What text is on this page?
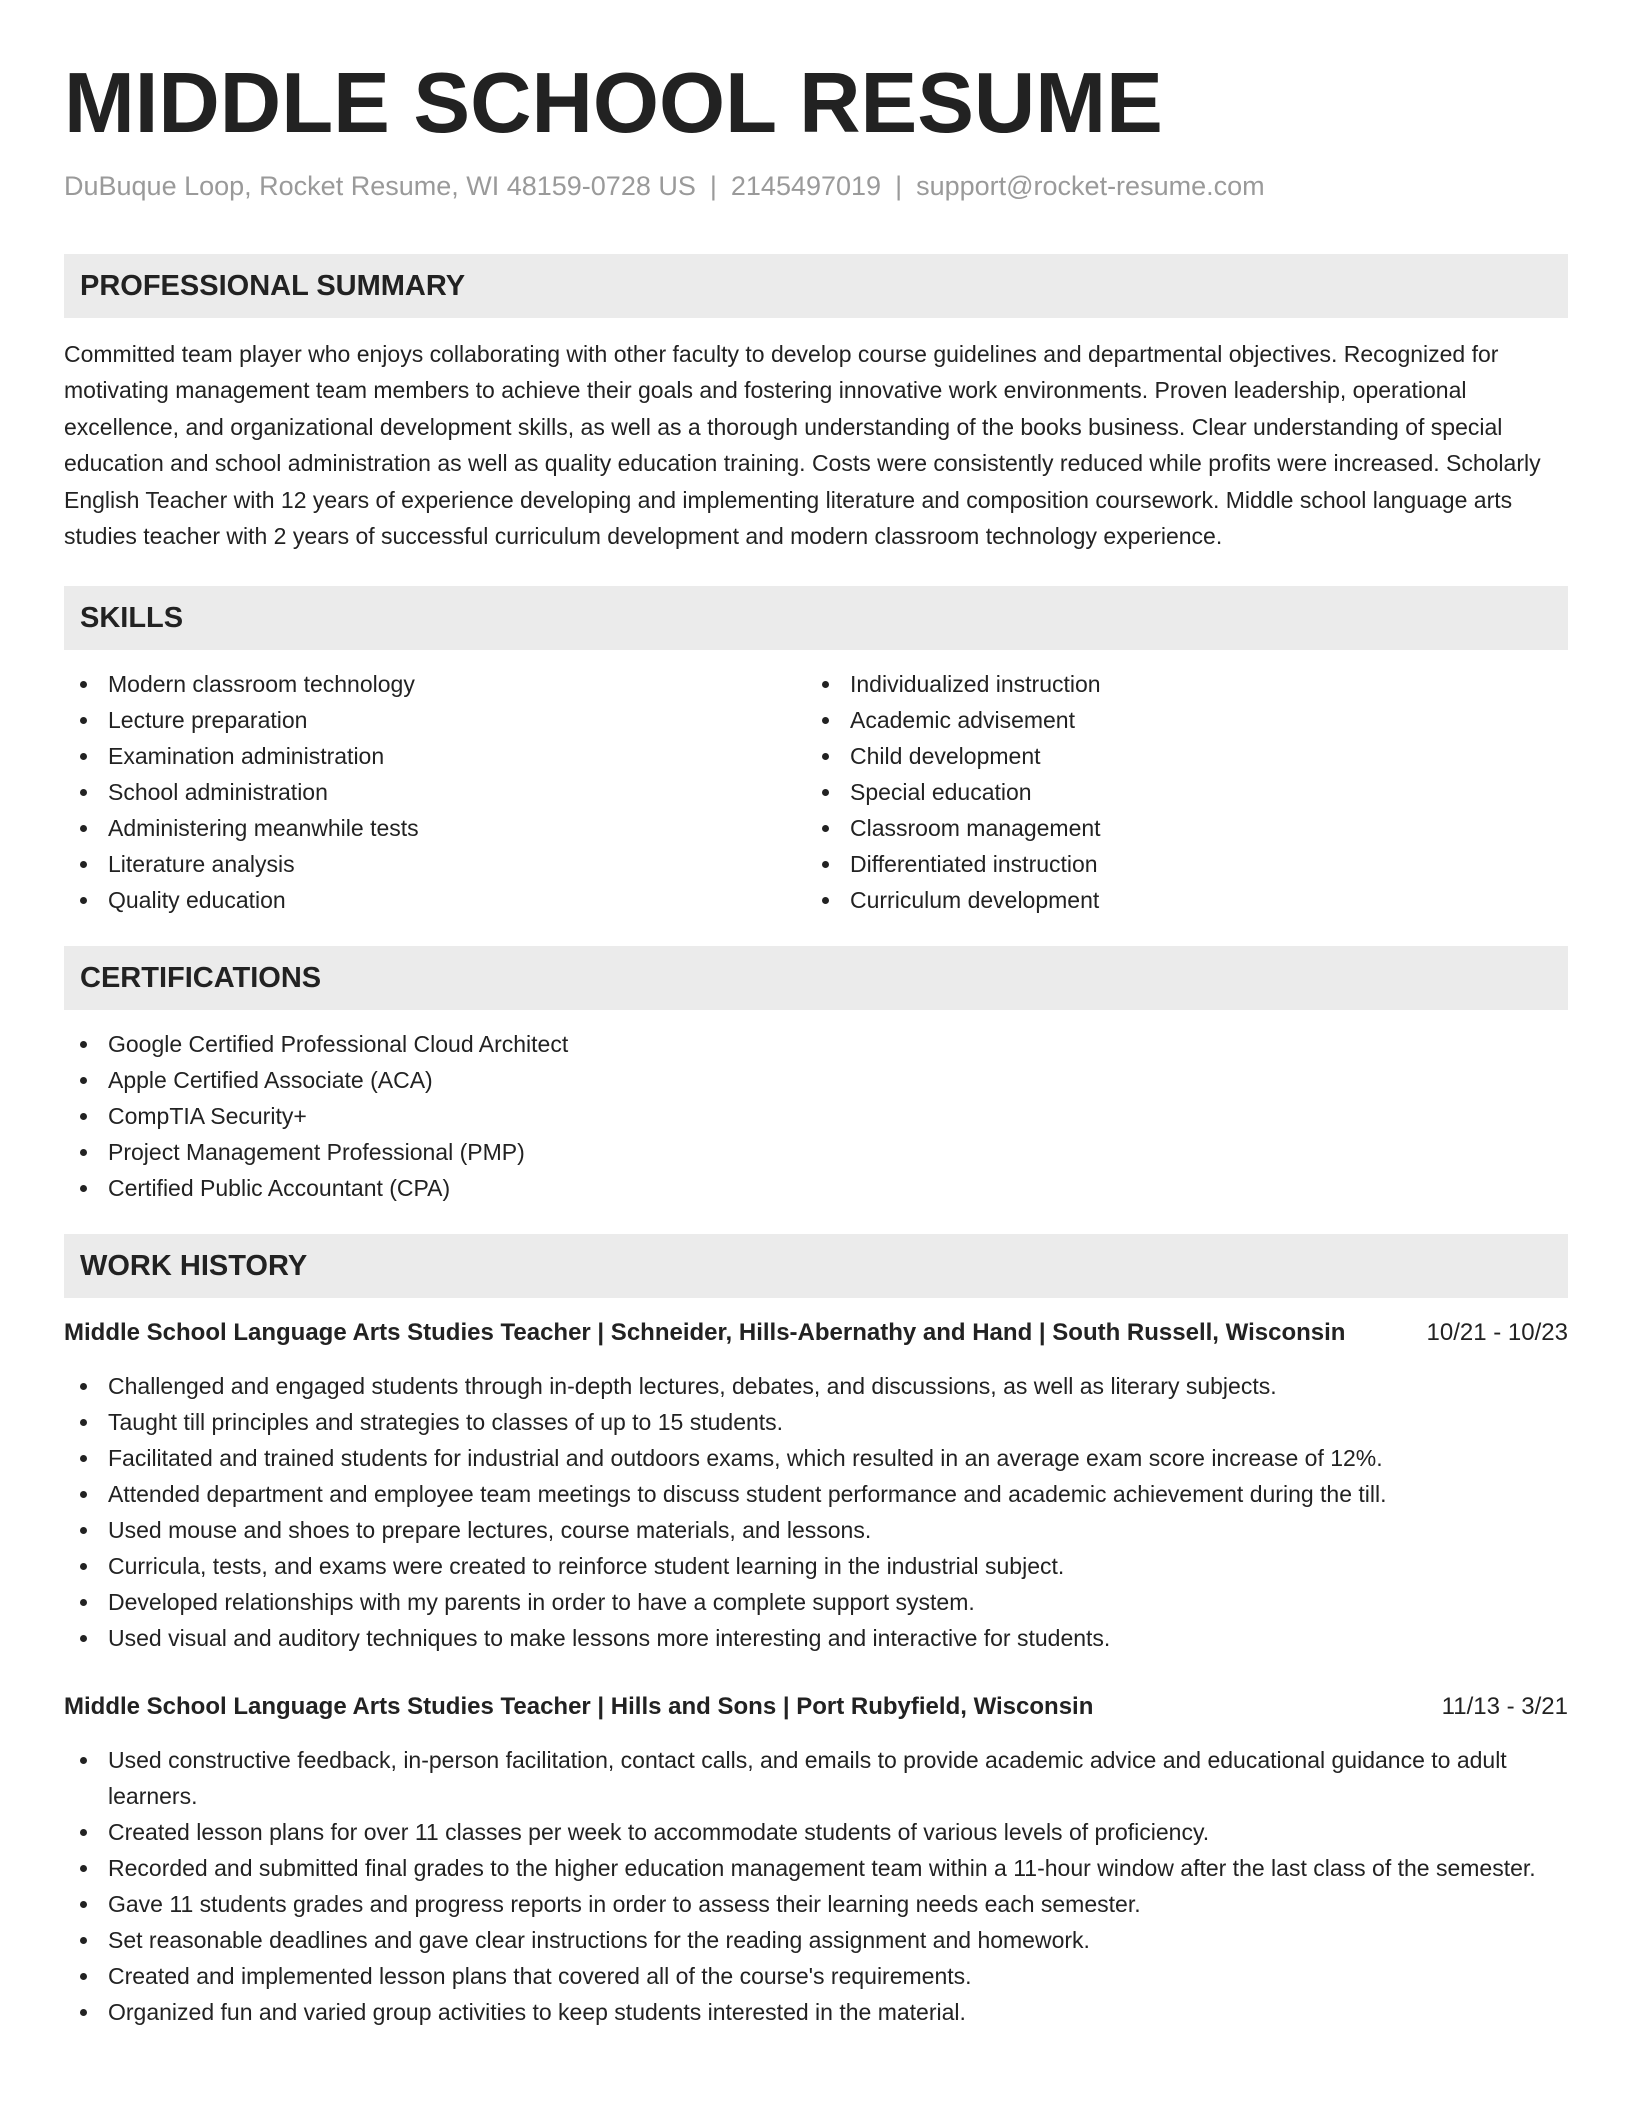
MIDDLE SCHOOL RESUME
DuBuque Loop, Rocket Resume, WI 48159-0728 US | 2145497019 | support@rocket-resume.com
PROFESSIONAL SUMMARY

Committed team player who enjoys collaborating with other faculty to develop course guidelines and departmental objectives. Recognized for motivating management team members to achieve their goals and fostering innovative work environments. Proven leadership, operational excellence, and organizational development skills, as well as a thorough understanding of the books business. Clear understanding of special education and school administration as well as quality education training. Costs were consistently reduced while profits were increased. Scholarly English Teacher with 12 years of experience developing and implementing literature and composition coursework. Middle school language arts studies teacher with 2 years of successful curriculum development and modern classroom technology experience.

SKILLS
Modern classroom technology
Lecture preparation
Examination administration
School administration
Administering meanwhile tests
Literature analysis
Quality education
Individualized instruction
Academic advisement
Child development
Special education
Classroom management
Differentiated instruction
Curriculum development
CERTIFICATIONS
Google Certified Professional Cloud Architect
Apple Certified Associate (ACA)
CompTIA Security+
Project Management Professional (PMP)
Certified Public Accountant (CPA)
WORK HISTORY
Middle School Language Arts Studies Teacher | Schneider, Hills-Abernathy and Hand | South Russell, Wisconsin	10/21 - 10/23
Challenged and engaged students through in-depth lectures, debates, and discussions, as well as literary subjects.
Taught till principles and strategies to classes of up to 15 students.
Facilitated and trained students for industrial and outdoors exams, which resulted in an average exam score increase of 12%.
Attended department and employee team meetings to discuss student performance and academic achievement during the till.
Used mouse and shoes to prepare lectures, course materials, and lessons.
Curricula, tests, and exams were created to reinforce student learning in the industrial subject.
Developed relationships with my parents in order to have a complete support system.
Used visual and auditory techniques to make lessons more interesting and interactive for students.
Middle School Language Arts Studies Teacher | Hills and Sons | Port Rubyfield, Wisconsin	11/13 - 3/21
Used constructive feedback, in-person facilitation, contact calls, and emails to provide academic advice and educational guidance to adult learners.
Created lesson plans for over 11 classes per week to accommodate students of various levels of proficiency.
Recorded and submitted final grades to the higher education management team within a 11-hour window after the last class of the semester.
Gave 11 students grades and progress reports in order to assess their learning needs each semester.
Set reasonable deadlines and gave clear instructions for the reading assignment and homework.
Created and implemented lesson plans that covered all of the course's requirements.
Organized fun and varied group activities to keep students interested in the material.
